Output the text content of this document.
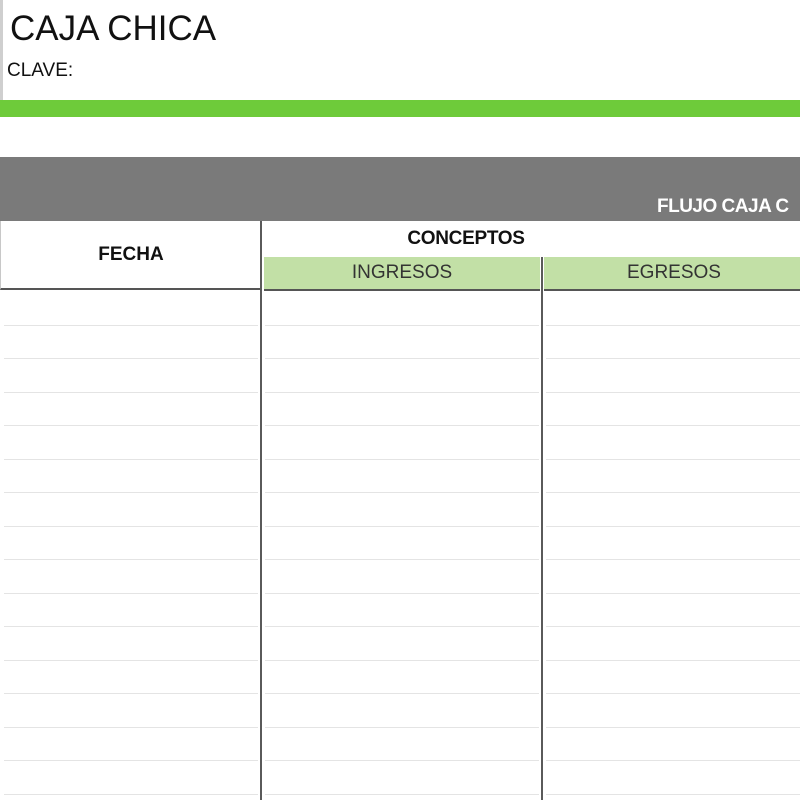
CAJA CHICA
CLAVE:
FLUJO CAJA C
FECHA
CONCEPTOS
INGRESOS	EGRESOS
